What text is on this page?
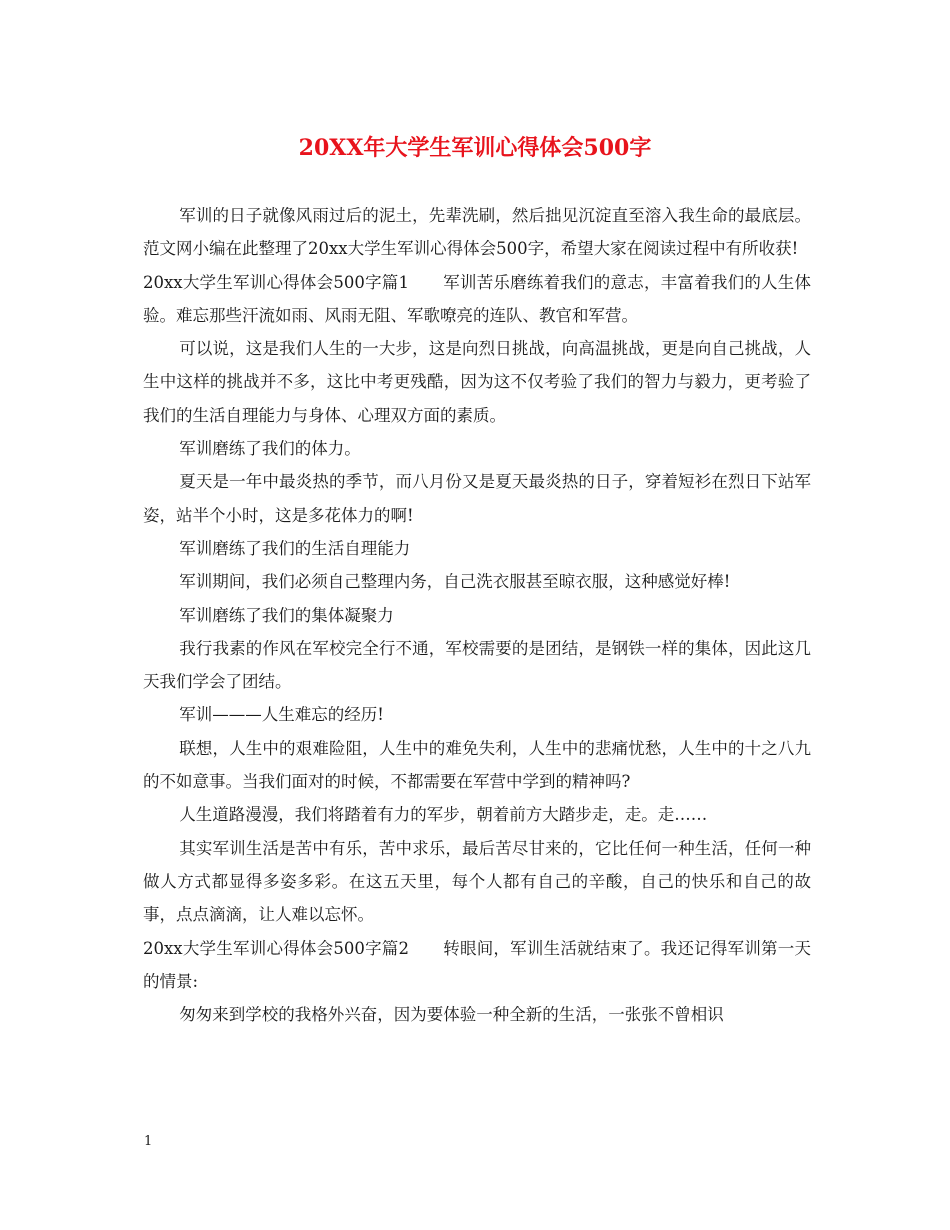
20XX年大学生军训心得体会500字

军训的日子就像风雨过后的泥土，先辈洗刷，然后拙见沉淀直至溶入我生命的最底层。范文网小编在此整理了20xx大学生军训心得体会500字，希望大家在阅读过程中有所收获!

20xx大学生军训心得体会500字篇1 军训苦乐磨练着我们的意志，丰富着我们的人生体验。难忘那些汗流如雨、风雨无阻、军歌嘹亮的连队、教官和军营。

可以说，这是我们人生的一大步，这是向烈日挑战，向高温挑战，更是向自己挑战，人生中这样的挑战并不多，这比中考更残酷，因为这不仅考验了我们的智力与毅力，更考验了我们的生活自理能力与身体、心理双方面的素质。

军训磨练了我们的体力。

夏天是一年中最炎热的季节，而八月份又是夏天最炎热的日子，穿着短衫在烈日下站军姿，站半个小时，这是多花体力的啊!

军训磨练了我们的生活自理能力

军训期间，我们必须自己整理内务，自己洗衣服甚至晾衣服，这种感觉好棒!

军训磨练了我们的集体凝聚力

我行我素的作风在军校完全行不通，军校需要的是团结，是钢铁一样的集体，因此这几天我们学会了团结。

军训———人生难忘的经历!

联想，人生中的艰难险阻，人生中的难免失利，人生中的悲痛忧愁，人生中的十之八九的不如意事。当我们面对的时候，不都需要在军营中学到的精神吗?

人生道路漫漫，我们将踏着有力的军步，朝着前方大踏步走，走。走……

其实军训生活是苦中有乐，苦中求乐，最后苦尽甘来的，它比任何一种生活，任何一种做人方式都显得多姿多彩。在这五天里，每个人都有自己的辛酸，自己的快乐和自己的故事，点点滴滴，让人难以忘怀。

20xx大学生军训心得体会500字篇2 转眼间，军训生活就结束了。我还记得军训第一天的情景:

匆匆来到学校的我格外兴奋，因为要体验一种全新的生活，一张张不曾相识

1
